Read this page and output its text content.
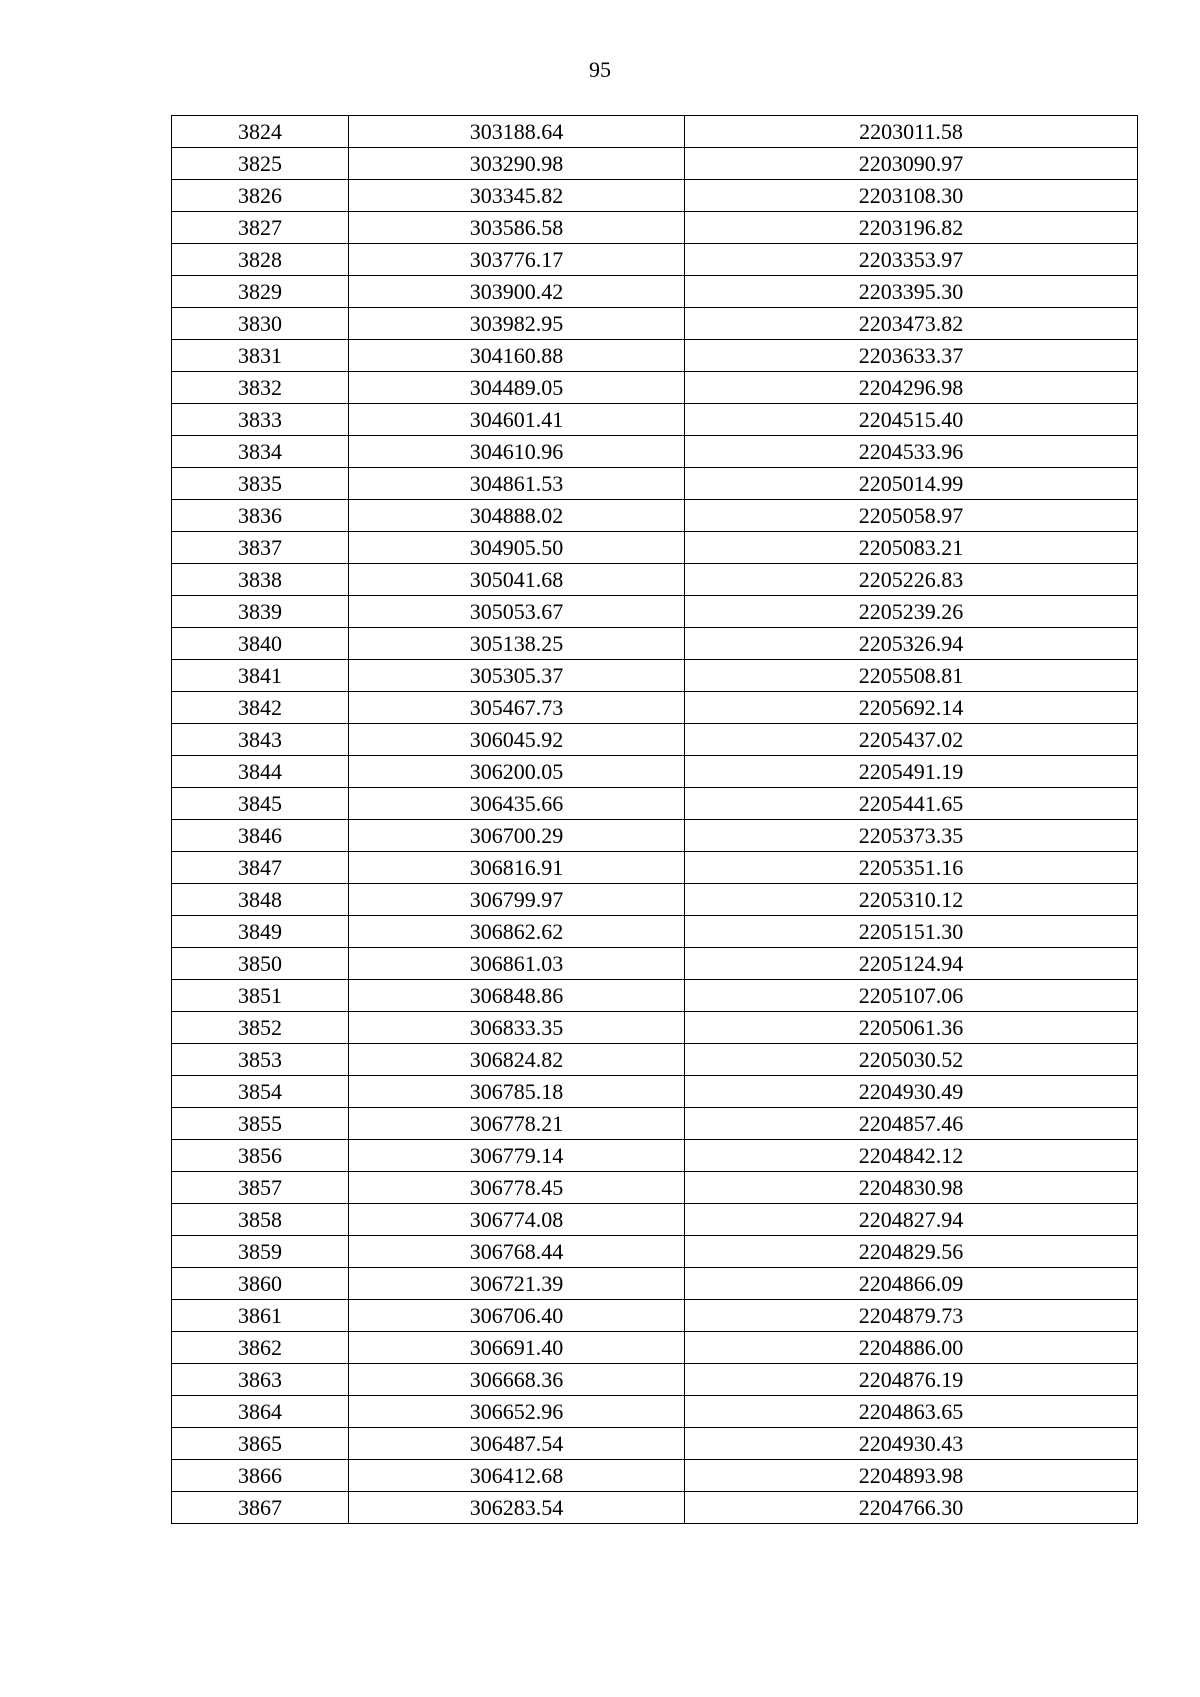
95
3824	303188.64	2203011.58
3825	303290.98	2203090.97
3826	303345.82	2203108.30
3827	303586.58	2203196.82
3828	303776.17	2203353.97
3829	303900.42	2203395.30
3830	303982.95	2203473.82
3831	304160.88	2203633.37
3832	304489.05	2204296.98
3833	304601.41	2204515.40
3834	304610.96	2204533.96
3835	304861.53	2205014.99
3836	304888.02	2205058.97
3837	304905.50	2205083.21
3838	305041.68	2205226.83
3839	305053.67	2205239.26
3840	305138.25	2205326.94
3841	305305.37	2205508.81
3842	305467.73	2205692.14
3843	306045.92	2205437.02
3844	306200.05	2205491.19
3845	306435.66	2205441.65
3846	306700.29	2205373.35
3847	306816.91	2205351.16
3848	306799.97	2205310.12
3849	306862.62	2205151.30
3850	306861.03	2205124.94
3851	306848.86	2205107.06
3852	306833.35	2205061.36
3853	306824.82	2205030.52
3854	306785.18	2204930.49
3855	306778.21	2204857.46
3856	306779.14	2204842.12
3857	306778.45	2204830.98
3858	306774.08	2204827.94
3859	306768.44	2204829.56
3860	306721.39	2204866.09
3861	306706.40	2204879.73
3862	306691.40	2204886.00
3863	306668.36	2204876.19
3864	306652.96	2204863.65
3865	306487.54	2204930.43
3866	306412.68	2204893.98
3867	306283.54	2204766.30
